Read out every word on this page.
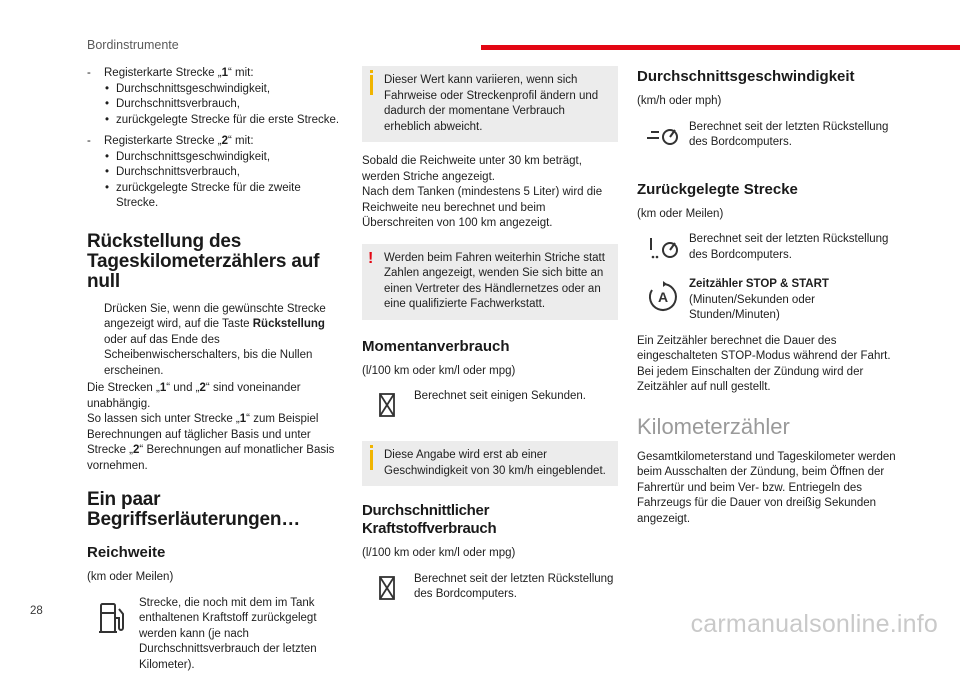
Bordinstrumente
- Registerkarte Strecke „1“ mit:
• Durchschnittsgeschwindigkeit,
• Durchschnittsverbrauch,
• zurückgelegte Strecke für die erste Strecke.
- Registerkarte Strecke „2“ mit:
• Durchschnittsgeschwindigkeit,
• Durchschnittsverbrauch,
• zurückgelegte Strecke für die zweite Strecke.
Rückstellung des
Tageskilometerzählers auf null

Drücken Sie, wenn die gewünschte Strecke angezeigt wird, auf die Taste Rückstellung oder auf das Ende des Scheibenwischerschalters, bis die Nullen erscheinen.

Die Strecken „1“ und „2“ sind voneinander unabhängig.

So lassen sich unter Strecke „1“ zum Beispiel Berechnungen auf täglicher Basis und unter Strecke „2“ Berechnungen auf monatlicher Basis vornehmen.

Ein paar Begriffserläuterungen…
Reichweite

(km oder Meilen)

Strecke, die noch mit dem im Tank enthaltenen Kraftstoff zurückgelegt werden kann (je nach Durchschnittsverbrauch der letzten Kilometer).
Dieser Wert kann variieren, wenn sich Fahrweise oder Streckenprofil ändern und dadurch der momentane Verbrauch erheblich abweicht.

Sobald die Reichweite unter 30 km beträgt, werden Striche angezeigt.

Nach dem Tanken (mindestens 5 Liter) wird die Reichweite neu berechnet und beim Überschreiten von 100 km angezeigt.

! Werden beim Fahren weiterhin Striche statt Zahlen angezeigt, wenden Sie sich bitte an einen Vertreter des Händlernetzes oder an eine qualifizierte Fachwerkstatt.
Momentanverbrauch

(l/100 km oder km/l oder mpg)

Berechnet seit einigen Sekunden.
Diese Angabe wird erst ab einer Geschwindigkeit von 30 km/h eingeblendet.
Durchschnittlicher Kraftstoffverbrauch

(l/100 km oder km/l oder mpg)

Berechnet seit der letzten Rückstellung des Bordcomputers.
Durchschnittsgeschwindigkeit

(km/h oder mph)

Berechnet seit der letzten Rückstellung des Bordcomputers.
Zurückgelegte Strecke

(km oder Meilen)

Berechnet seit der letzten Rückstellung des Bordcomputers.
A
Zeitzähler STOP & START
(Minuten/Sekunden oder Stunden/Minuten)

Ein Zeitzähler berechnet die Dauer des eingeschalteten STOP-Modus während der Fahrt. Bei jedem Einschalten der Zündung wird der Zeitzähler auf null gestellt.

Kilometerzähler

Gesamtkilometerstand und Tageskilometer werden beim Ausschalten der Zündung, beim Öffnen der Fahrertür und beim Ver- bzw. Entriegeln des Fahrzeugs für die Dauer von dreißig Sekunden angezeigt.

28	carmanualsonline.info
